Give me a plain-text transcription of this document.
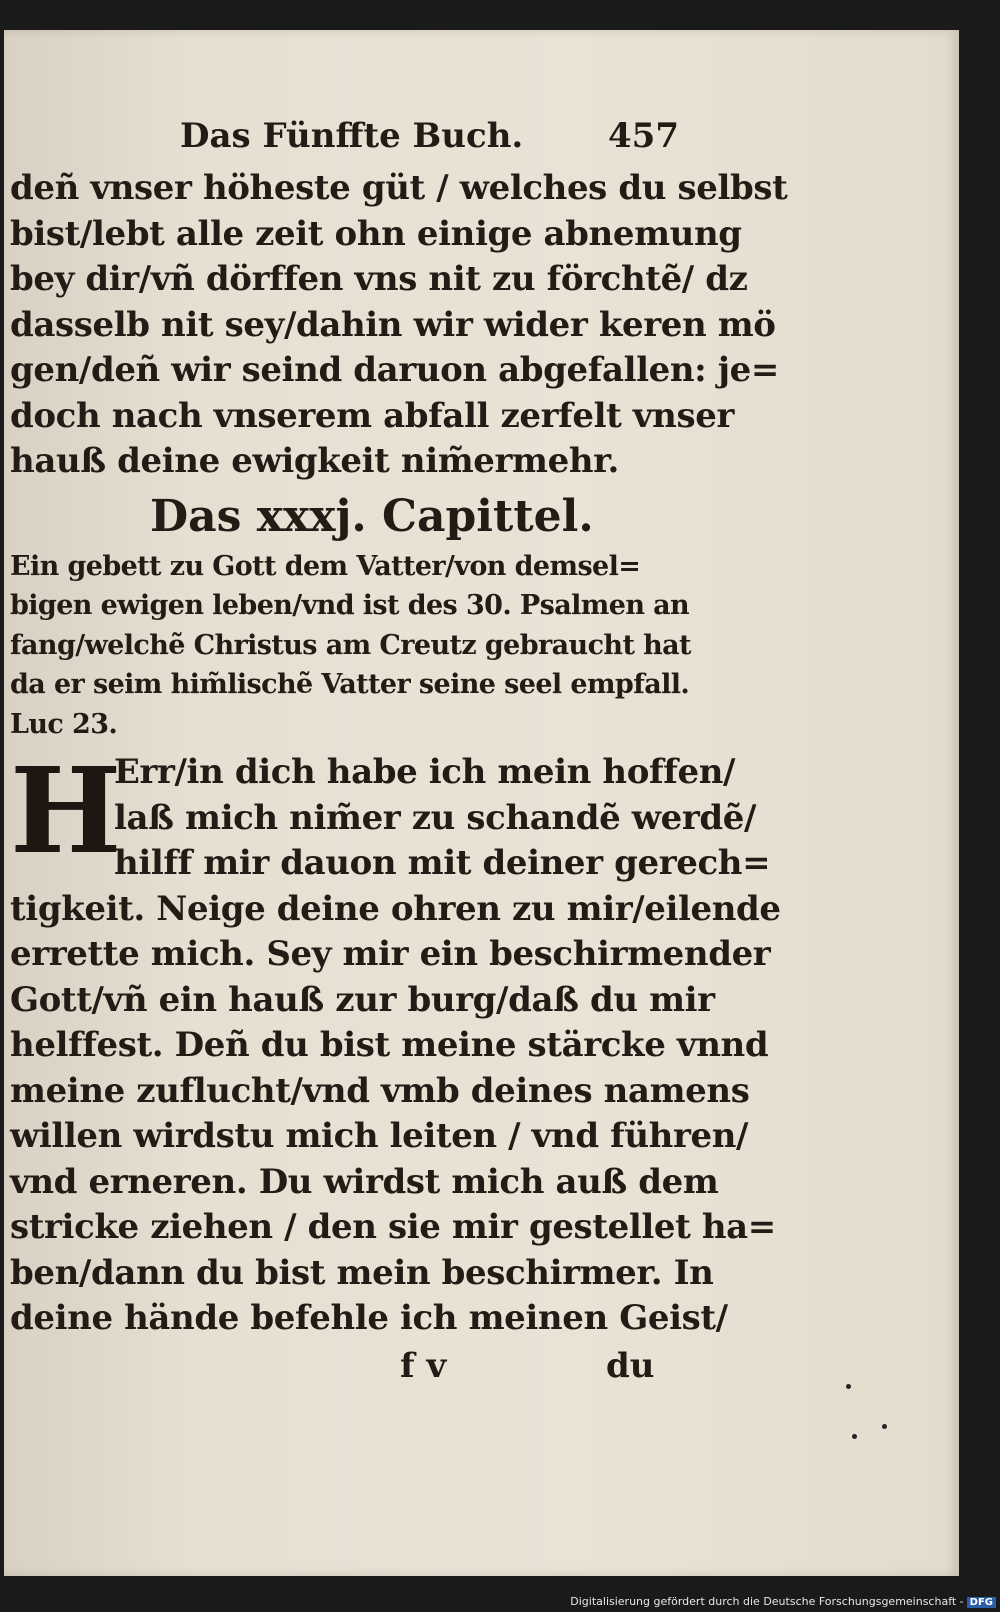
Das Fünffte Buch. 457
deñ vnser höheste güt / welches du selbst
bist/lebt alle zeit ohn einige abnemung
bey dir/vñ dörffen vns nit zu förchtẽ/ dz
dasselb nit sey/dahin wir wider keren mö
gen/deñ wir seind daruon abgefallen: je=
doch nach vnserem abfall zerfelt vnser
hauß deine ewigkeit nim̃ermehr.
Das xxxj. Capittel.
Ein gebett zu Gott dem Vatter/von demsel=
bigen ewigen leben/vnd ist des 30. Psalmen an
fang/welchẽ Christus am Creutz gebraucht hat
da er seim him̃lischẽ Vatter seine seel empfall.
Luc 23.
H
Err/in dich habe ich mein hoffen/
laß mich nim̃er zu schandẽ werdẽ/
hilff mir dauon mit deiner gerech=
tigkeit. Neige deine ohren zu mir/eilende
errette mich. Sey mir ein beschirmender
Gott/vñ ein hauß zur burg/daß du mir
helffest. Deñ du bist meine stärcke vnnd
meine zuflucht/vnd vmb deines namens
willen wirdstu mich leiten / vnd führen/
vnd erneren. Du wirdst mich auß dem
stricke ziehen / den sie mir gestellet ha=
ben/dann du bist mein beschirmer. In
deine hände befehle ich meinen Geist/
f v	du
Digitalisierung gefördert durch die Deutsche Forschungsgemeinschaft - DFG
